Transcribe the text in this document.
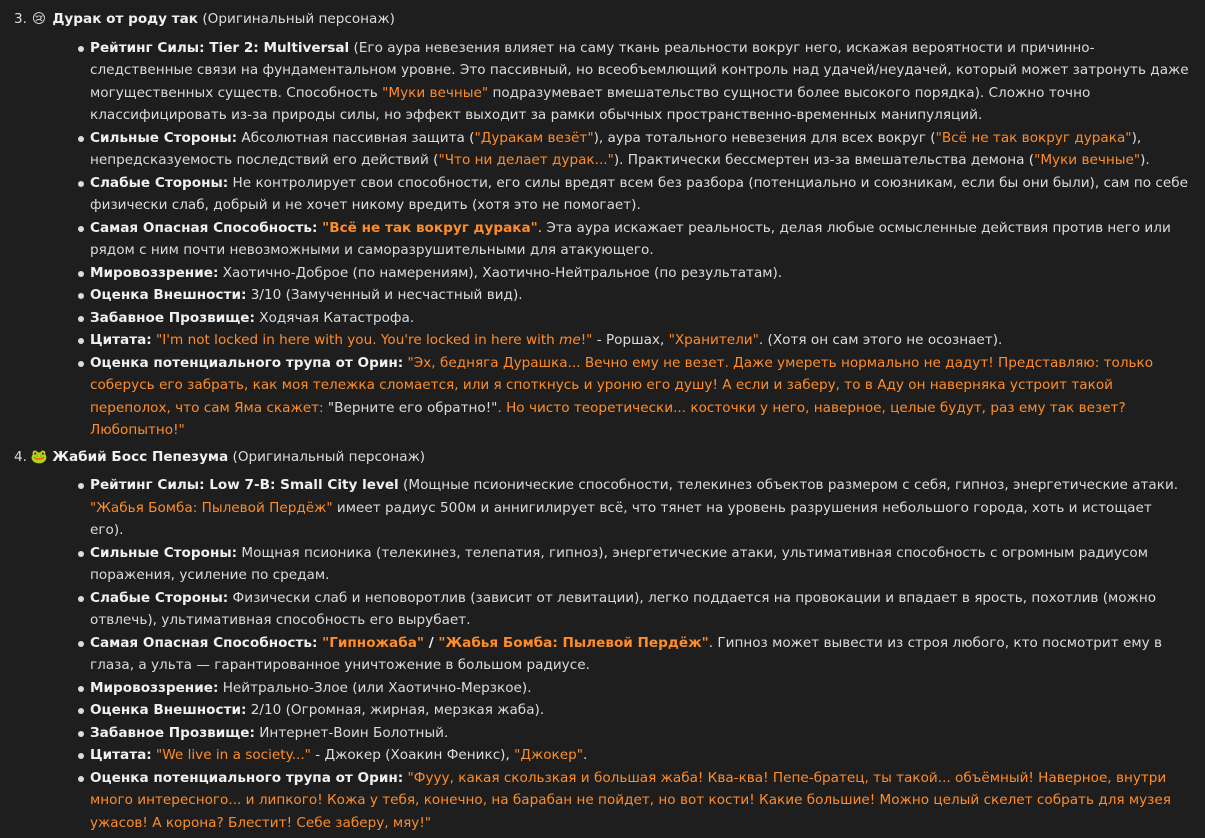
3. 😢 Дурак от роду так (Оригинальный персонаж)
Рейтинг Силы: Tier 2: Multiversal (Его аура невезения влияет на саму ткань реальности вокруг него, искажая вероятности и причинно-следственные связи на фундаментальном уровне. Это пассивный, но всеобъемлющий контроль над удачей/неудачей, который может затронуть даже могущественных существ. Способность "Муки вечные" подразумевает вмешательство сущности более высокого порядка). Сложно точно классифицировать из-за природы силы, но эффект выходит за рамки обычных пространственно-временных манипуляций.
Сильные Стороны: Абсолютная пассивная защита ("Дуракам везёт"), аура тотального невезения для всех вокруг ("Всё не так вокруг дурака"), непредсказуемость последствий его действий ("Что ни делает дурак..."). Практически бессмертен из-за вмешательства демона ("Муки вечные").
Слабые Стороны: Не контролирует свои способности, его силы вредят всем без разбора (потенциально и союзникам, если бы они были), сам по себе физически слаб, добрый и не хочет никому вредить (хотя это не помогает).
Самая Опасная Способность: "Всё не так вокруг дурака". Эта аура искажает реальность, делая любые осмысленные действия против него или рядом с ним почти невозможными и саморазрушительными для атакующего.
Мировоззрение: Хаотично-Доброе (по намерениям), Хаотично-Нейтральное (по результатам).
Оценка Внешности: 3/10 (Замученный и несчастный вид).
Забавное Прозвище: Ходячая Катастрофа.
Цитата: "I'm not locked in here with you. You're locked in here with me!" - Роршах, "Хранители". (Хотя он сам этого не осознает).
Оценка потенциального трупа от Орин: "Эх, бедняга Дурашка... Вечно ему не везет. Даже умереть нормально не дадут! Представляю: только соберусь его забрать, как моя тележка сломается, или я споткнусь и уроню его душу! А если и заберу, то в Аду он наверняка устроит такой переполох, что сам Яма скажет: "Верните его обратно!". Но чисто теоретически... косточки у него, наверное, целые будут, раз ему так везет? Любопытно!"
4. 🐸 Жабий Босс Пепезума (Оригинальный персонаж)
Рейтинг Силы: Low 7-B: Small City level (Мощные псионические способности, телекинез объектов размером с себя, гипноз, энергетические атаки. "Жабья Бомба: Пылевой Пердёж" имеет радиус 500м и аннигилирует всё, что тянет на уровень разрушения небольшого города, хоть и истощает его).
Сильные Стороны: Мощная псионика (телекинез, телепатия, гипноз), энергетические атаки, ультимативная способность с огромным радиусом поражения, усиление по средам.
Слабые Стороны: Физически слаб и неповоротлив (зависит от левитации), легко поддается на провокации и впадает в ярость, похотлив (можно отвлечь), ультимативная способность его вырубает.
Самая Опасная Способность: "Гипножаба" / "Жабья Бомба: Пылевой Пердёж". Гипноз может вывести из строя любого, кто посмотрит ему в глаза, а ульта — гарантированное уничтожение в большом радиусе.
Мировоззрение: Нейтрально-Злое (или Хаотично-Мерзкое).
Оценка Внешности: 2/10 (Огромная, жирная, мерзкая жаба).
Забавное Прозвище: Интернет-Воин Болотный.
Цитата: "We live in a society..." - Джокер (Хоакин Феникс), "Джокер".
Оценка потенциального трупа от Орин: "Фууу, какая скользкая и большая жаба! Ква-ква! Пепе-братец, ты такой... объёмный! Наверное, внутри много интересного... и липкого! Кожа у тебя, конечно, на барабан не пойдет, но вот кости! Какие большие! Можно целый скелет собрать для музея ужасов! А корона? Блестит! Себе заберу, мяу!"
